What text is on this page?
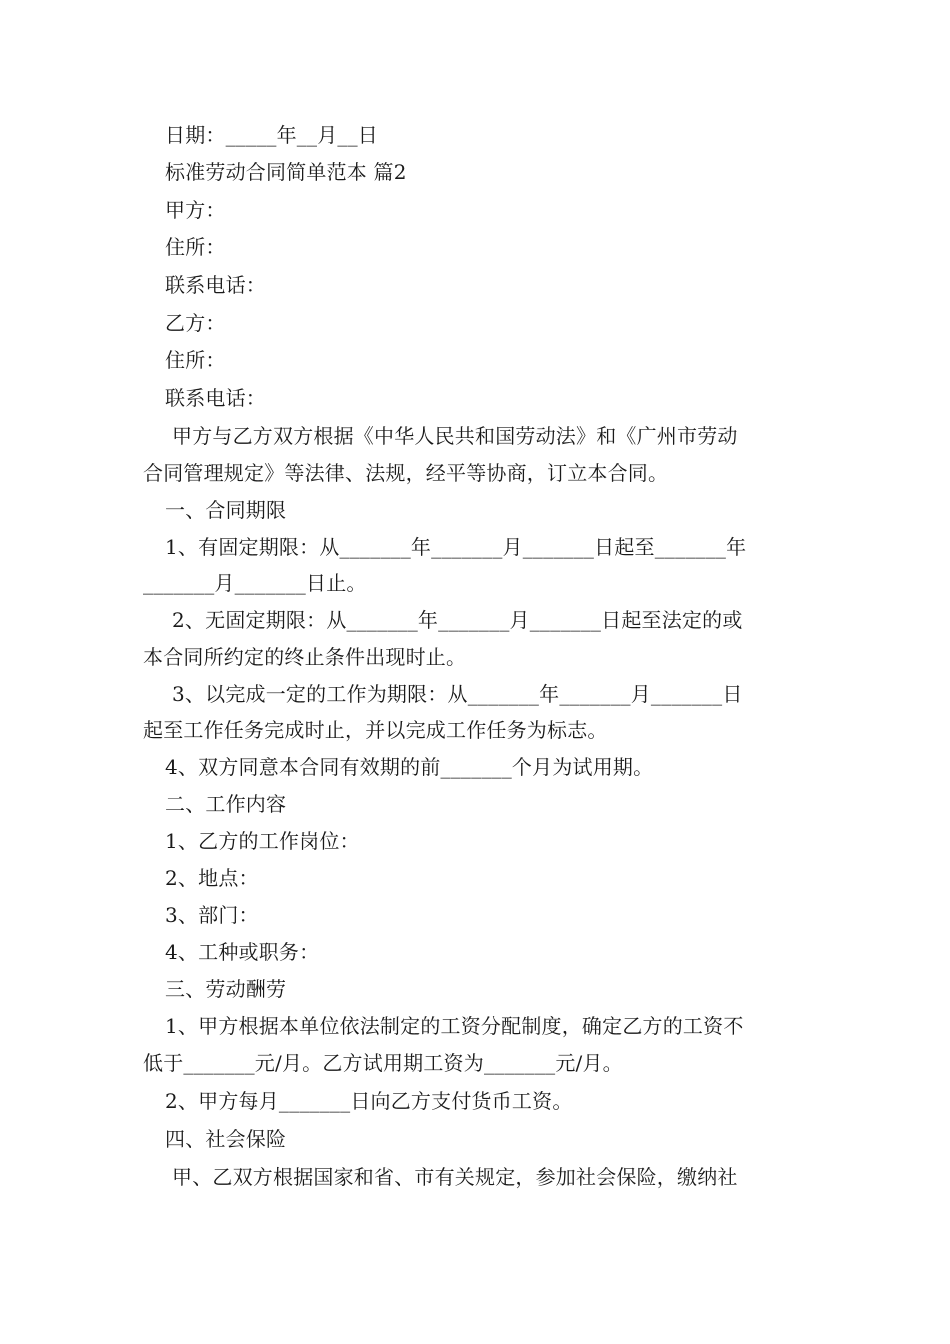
日期：_____年__月__日
标准劳动合同简单范本 篇2
甲方：
住所：
联系电话：
乙方：
住所：
联系电话：
甲方与乙方双方根据《中华人民共和国劳动法》和《广州市劳动
合同管理规定》等法律、法规，经平等协商，订立本合同。
一、合同期限
1、有固定期限：从_______年_______月_______日起至_______年
_______月_______日止。
2、无固定期限：从_______年_______月_______日起至法定的或
本合同所约定的终止条件出现时止。
3、以完成一定的工作为期限：从_______年_______月_______日
起至工作任务完成时止，并以完成工作任务为标志。
4、双方同意本合同有效期的前_______个月为试用期。
二、工作内容
1、乙方的工作岗位：
2、地点：
3、部门：
4、工种或职务：
三、劳动酬劳
1、甲方根据本单位依法制定的工资分配制度，确定乙方的工资不
低于_______元/月。乙方试用期工资为_______元/月。
2、甲方每月_______日向乙方支付货币工资。
四、社会保险
甲、乙双方根据国家和省、市有关规定，参加社会保险，缴纳社
